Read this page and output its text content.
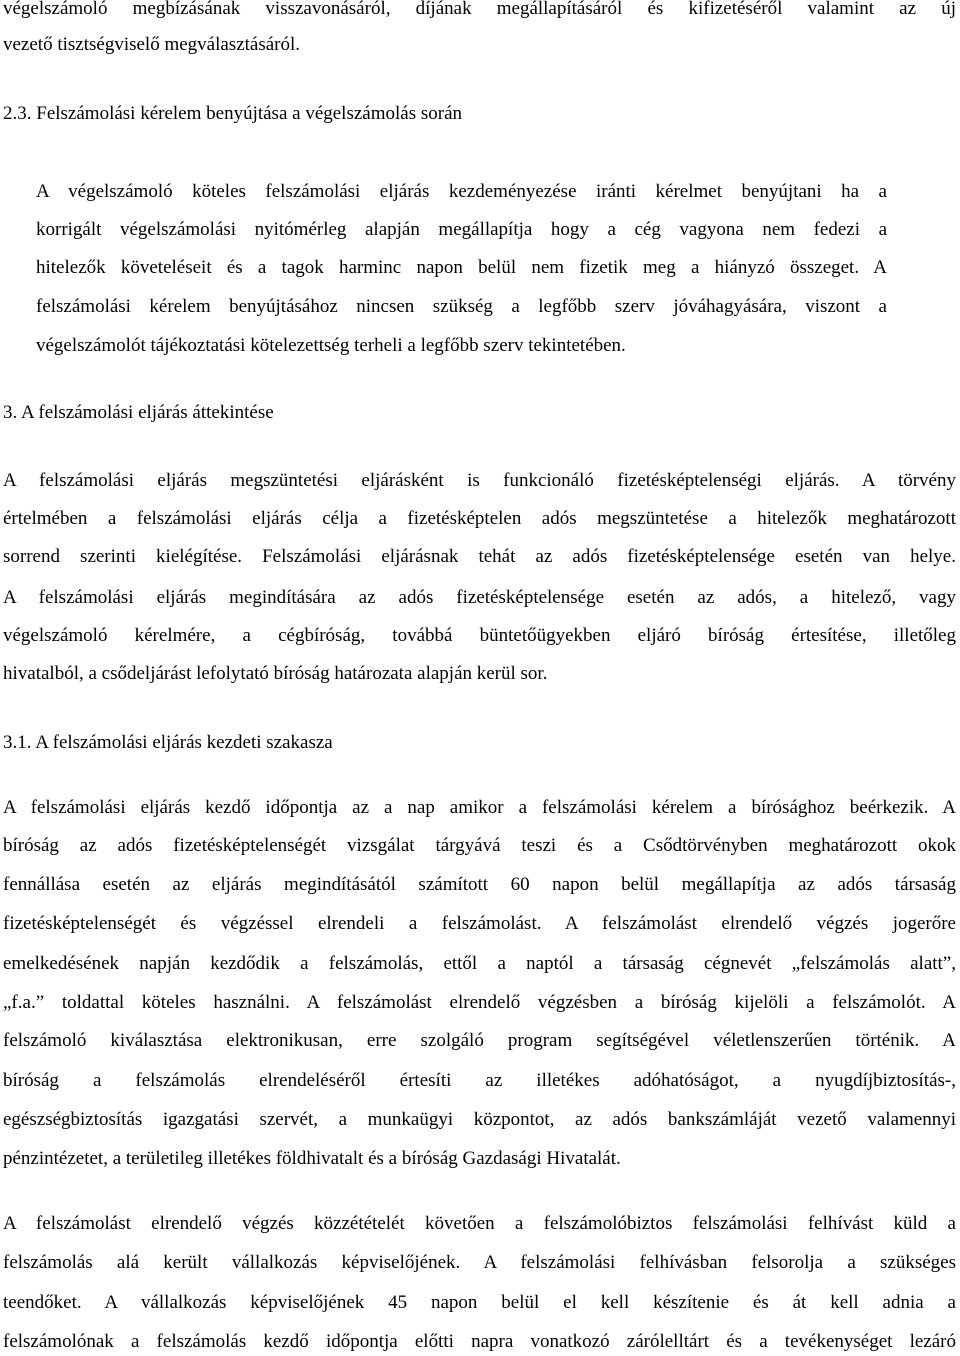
végelszámoló megbízásának visszavonásáról, díjának megállapításáról és kifizetéséről valamint az új

vezető tisztségviselő megválasztásáról.

2.3. Felszámolási kérelem benyújtása a végelszámolás során

A végelszámoló köteles felszámolási eljárás kezdeményezése iránti kérelmet benyújtani ha a

korrigált végelszámolási nyitómérleg alapján megállapítja hogy a cég vagyona nem fedezi a

hitelezők követeléseit és a tagok harminc napon belül nem fizetik meg a hiányzó összeget. A

felszámolási kérelem benyújtásához nincsen szükség a legfőbb szerv jóváhagyására, viszont a

végelszámolót tájékoztatási kötelezettség terheli a legfőbb szerv tekintetében.

3. A felszámolási eljárás áttekintése

A felszámolási eljárás megszüntetési eljárásként is funkcionáló fizetésképtelenségi eljárás. A törvény

értelmében a felszámolási eljárás célja a fizetésképtelen adós megszüntetése a hitelezők meghatározott

sorrend szerinti kielégítése. Felszámolási eljárásnak tehát az adós fizetésképtelensége esetén van helye.

A felszámolási eljárás megindítására az adós fizetésképtelensége esetén az adós, a hitelező, vagy

végelszámoló kérelmére, a cégbíróság, továbbá büntetőügyekben eljáró bíróság értesítése, illetőleg

hivatalból, a csődeljárást lefolytató bíróság határozata alapján kerül sor.

3.1. A felszámolási eljárás kezdeti szakasza

A felszámolási eljárás kezdő időpontja az a nap amikor a felszámolási kérelem a bírósághoz beérkezik. A

bíróság az adós fizetésképtelenségét vizsgálat tárgyává teszi és a Csődtörvényben meghatározott okok

fennállása esetén az eljárás megindításától számított 60 napon belül megállapítja az adós társaság

fizetésképtelenségét és végzéssel elrendeli a felszámolást. A felszámolást elrendelő végzés jogerőre

emelkedésének napján kezdődik a felszámolás, ettől a naptól a társaság cégnevét „felszámolás alatt”,

„f.a.” toldattal köteles használni. A felszámolást elrendelő végzésben a bíróság kijelöli a felszámolót. A

felszámoló kiválasztása elektronikusan, erre szolgáló program segítségével véletlenszerűen történik. A

bíróság a felszámolás elrendeléséről értesíti az illetékes adóhatóságot, a nyugdíjbiztosítás-,

egészségbiztosítás igazgatási szervét, a munkaügyi központot, az adós bankszámláját vezető valamennyi

pénzintézetet, a területileg illetékes földhivatalt és a bíróság Gazdasági Hivatalát.

A felszámolást elrendelő végzés közzétételét követően a felszámolóbiztos felszámolási felhívást küld a

felszámolás alá került vállalkozás képviselőjének. A felszámolási felhívásban felsorolja a szükséges

teendőket. A vállalkozás képviselőjének 45 napon belül el kell készítenie és át kell adnia a

felszámolónak a felszámolás kezdő időpontja előtti napra vonatkozó zárólelltárt és a tevékenységet lezáró
